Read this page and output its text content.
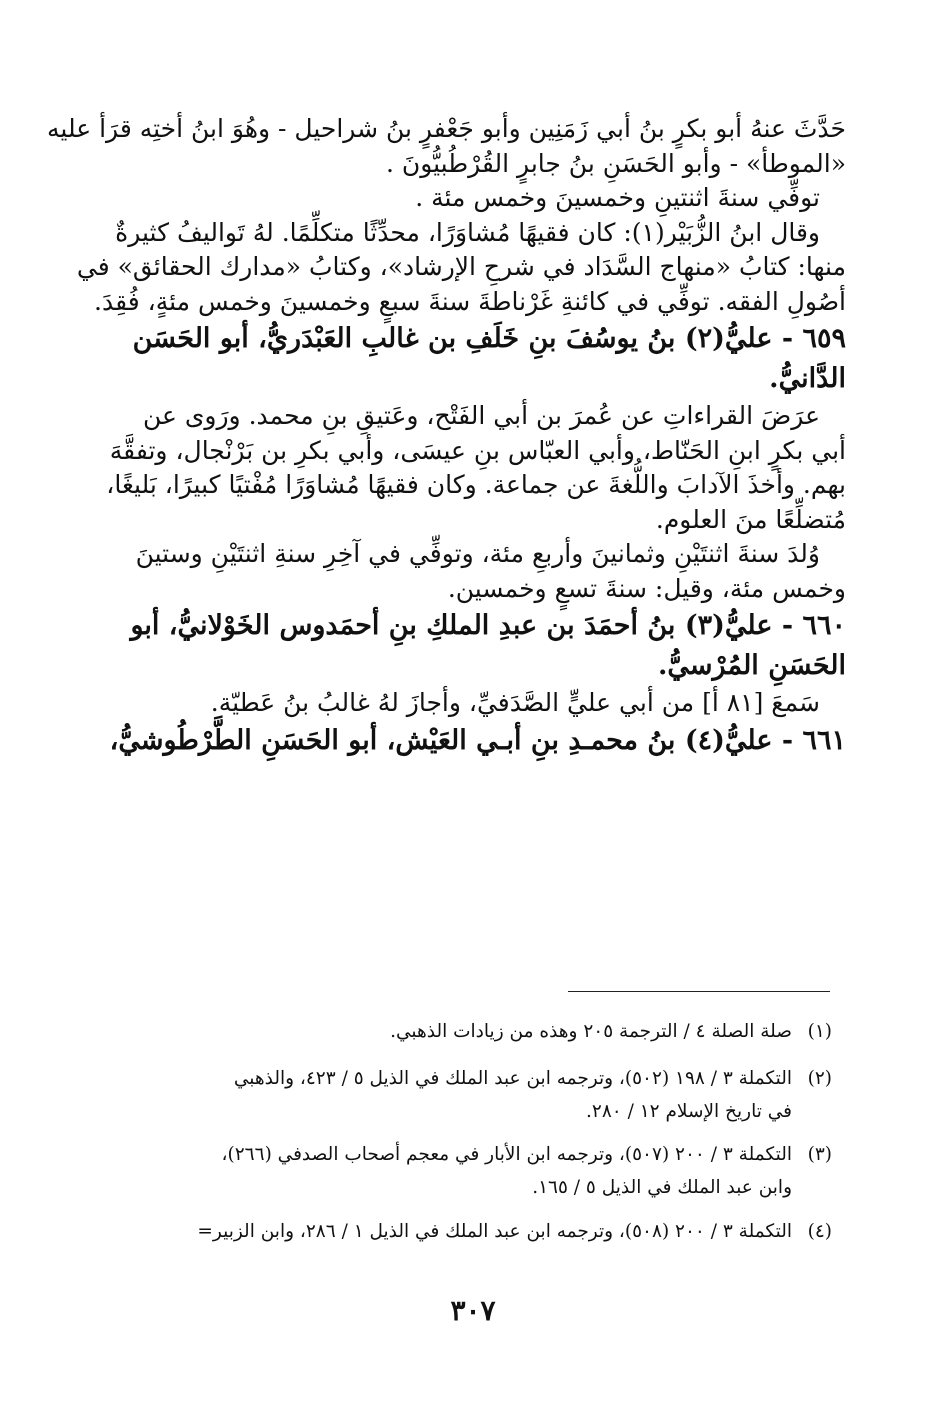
حَدَّثَ عنهُ أبو بكرٍ بنُ أبي زَمَنِين وأبو جَعْفرٍ بنُ شراحيل - وهُوَ ابنُ أختِه قرَأ عليه
«الموطأ» - وأبو الحَسَنِ بنُ جابرٍ القُرْطُبيُّونَ .
توفِّي سنةَ اثنتينِ وخمسينَ وخمس مئة .
وقال ابنُ الزُّبَيْر(١): كان فقيهًا مُشاوَرًا، محدِّثًا متكلِّمًا. لهُ تَواليفُ كثيرةٌ
منها: كتابُ «منهاج السَّدَاد في شرحِ الإرشاد»، وكتابُ «مدارك الحقائق» في
أصُولِ الفقه. توفِّي في كائنةِ غَرْناطةَ سنةَ سبعٍ وخمسينَ وخمس مئةٍ، فُقِدَ.
٦٥٩ - عليُّ(٢) بنُ يوسُفَ بنِ خَلَفِ بن غالبِ العَبْدَريُّ، أبو الحَسَن
الدَّانيُّ.
عرَضَ القراءاتِ عن عُمرَ بن أبي الفَتْح، وعَتيقِ بنِ محمد. ورَوى عن
أبي بكرٍ ابنِ الحَنّاط، وأبي العبّاس بنِ عيسَى، وأبي بكرِ بن بَرْنْجال، وتفقَّهَ
بهم. وأخذَ الآدابَ واللُّغةَ عن جماعة. وكان فقيهًا مُشاوَرًا مُفْتيًا كبيرًا، بَليغًا،
مُتضلِّعًا منَ العلوم.
وُلدَ سنةَ اثنتَيْنِ وثمانينَ وأربعِ مئة، وتوفِّي في آخِرِ سنةِ اثنتَيْنِ وستينَ
وخمس مئة، وقيل: سنةَ تسعٍ وخمسين.
٦٦٠ - عليُّ(٣) بنُ أحمَدَ بن عبدِ الملكِ بنِ أحمَدوس الخَوْلانيُّ، أبو
الحَسَنِ المُرْسيُّ.
سَمعَ [٨١ أ] من أبي عليٍّ الصَّدَفيِّ، وأجازَ لهُ غالبُ بنُ عَطيّة.
٦٦١ - عليُّ(٤) بنُ محمـدِ بنِ أبـي العَيْش، أبو الحَسَنِ الطَّرْطُوشيُّ،
(١)صلة الصلة ٤ / الترجمة ٢٠٥ وهذه من زيادات الذهبي.
(٢)التكملة ٣ / ١٩٨ (٥٠٢)، وترجمه ابن عبد الملك في الذيل ٥ / ٤٢٣، والذهبي
في تاريخ الإسلام ١٢ / ٢٨٠.
(٣)التكملة ٣ / ٢٠٠ (٥٠٧)، وترجمه ابن الأبار في معجم أصحاب الصدفي (٢٦٦)،
وابن عبد الملك في الذيل ٥ / ١٦٥.
(٤)التكملة ٣ / ٢٠٠ (٥٠٨)، وترجمه ابن عبد الملك في الذيل ١ / ٢٨٦، وابن الزبير=
٣٠٧
